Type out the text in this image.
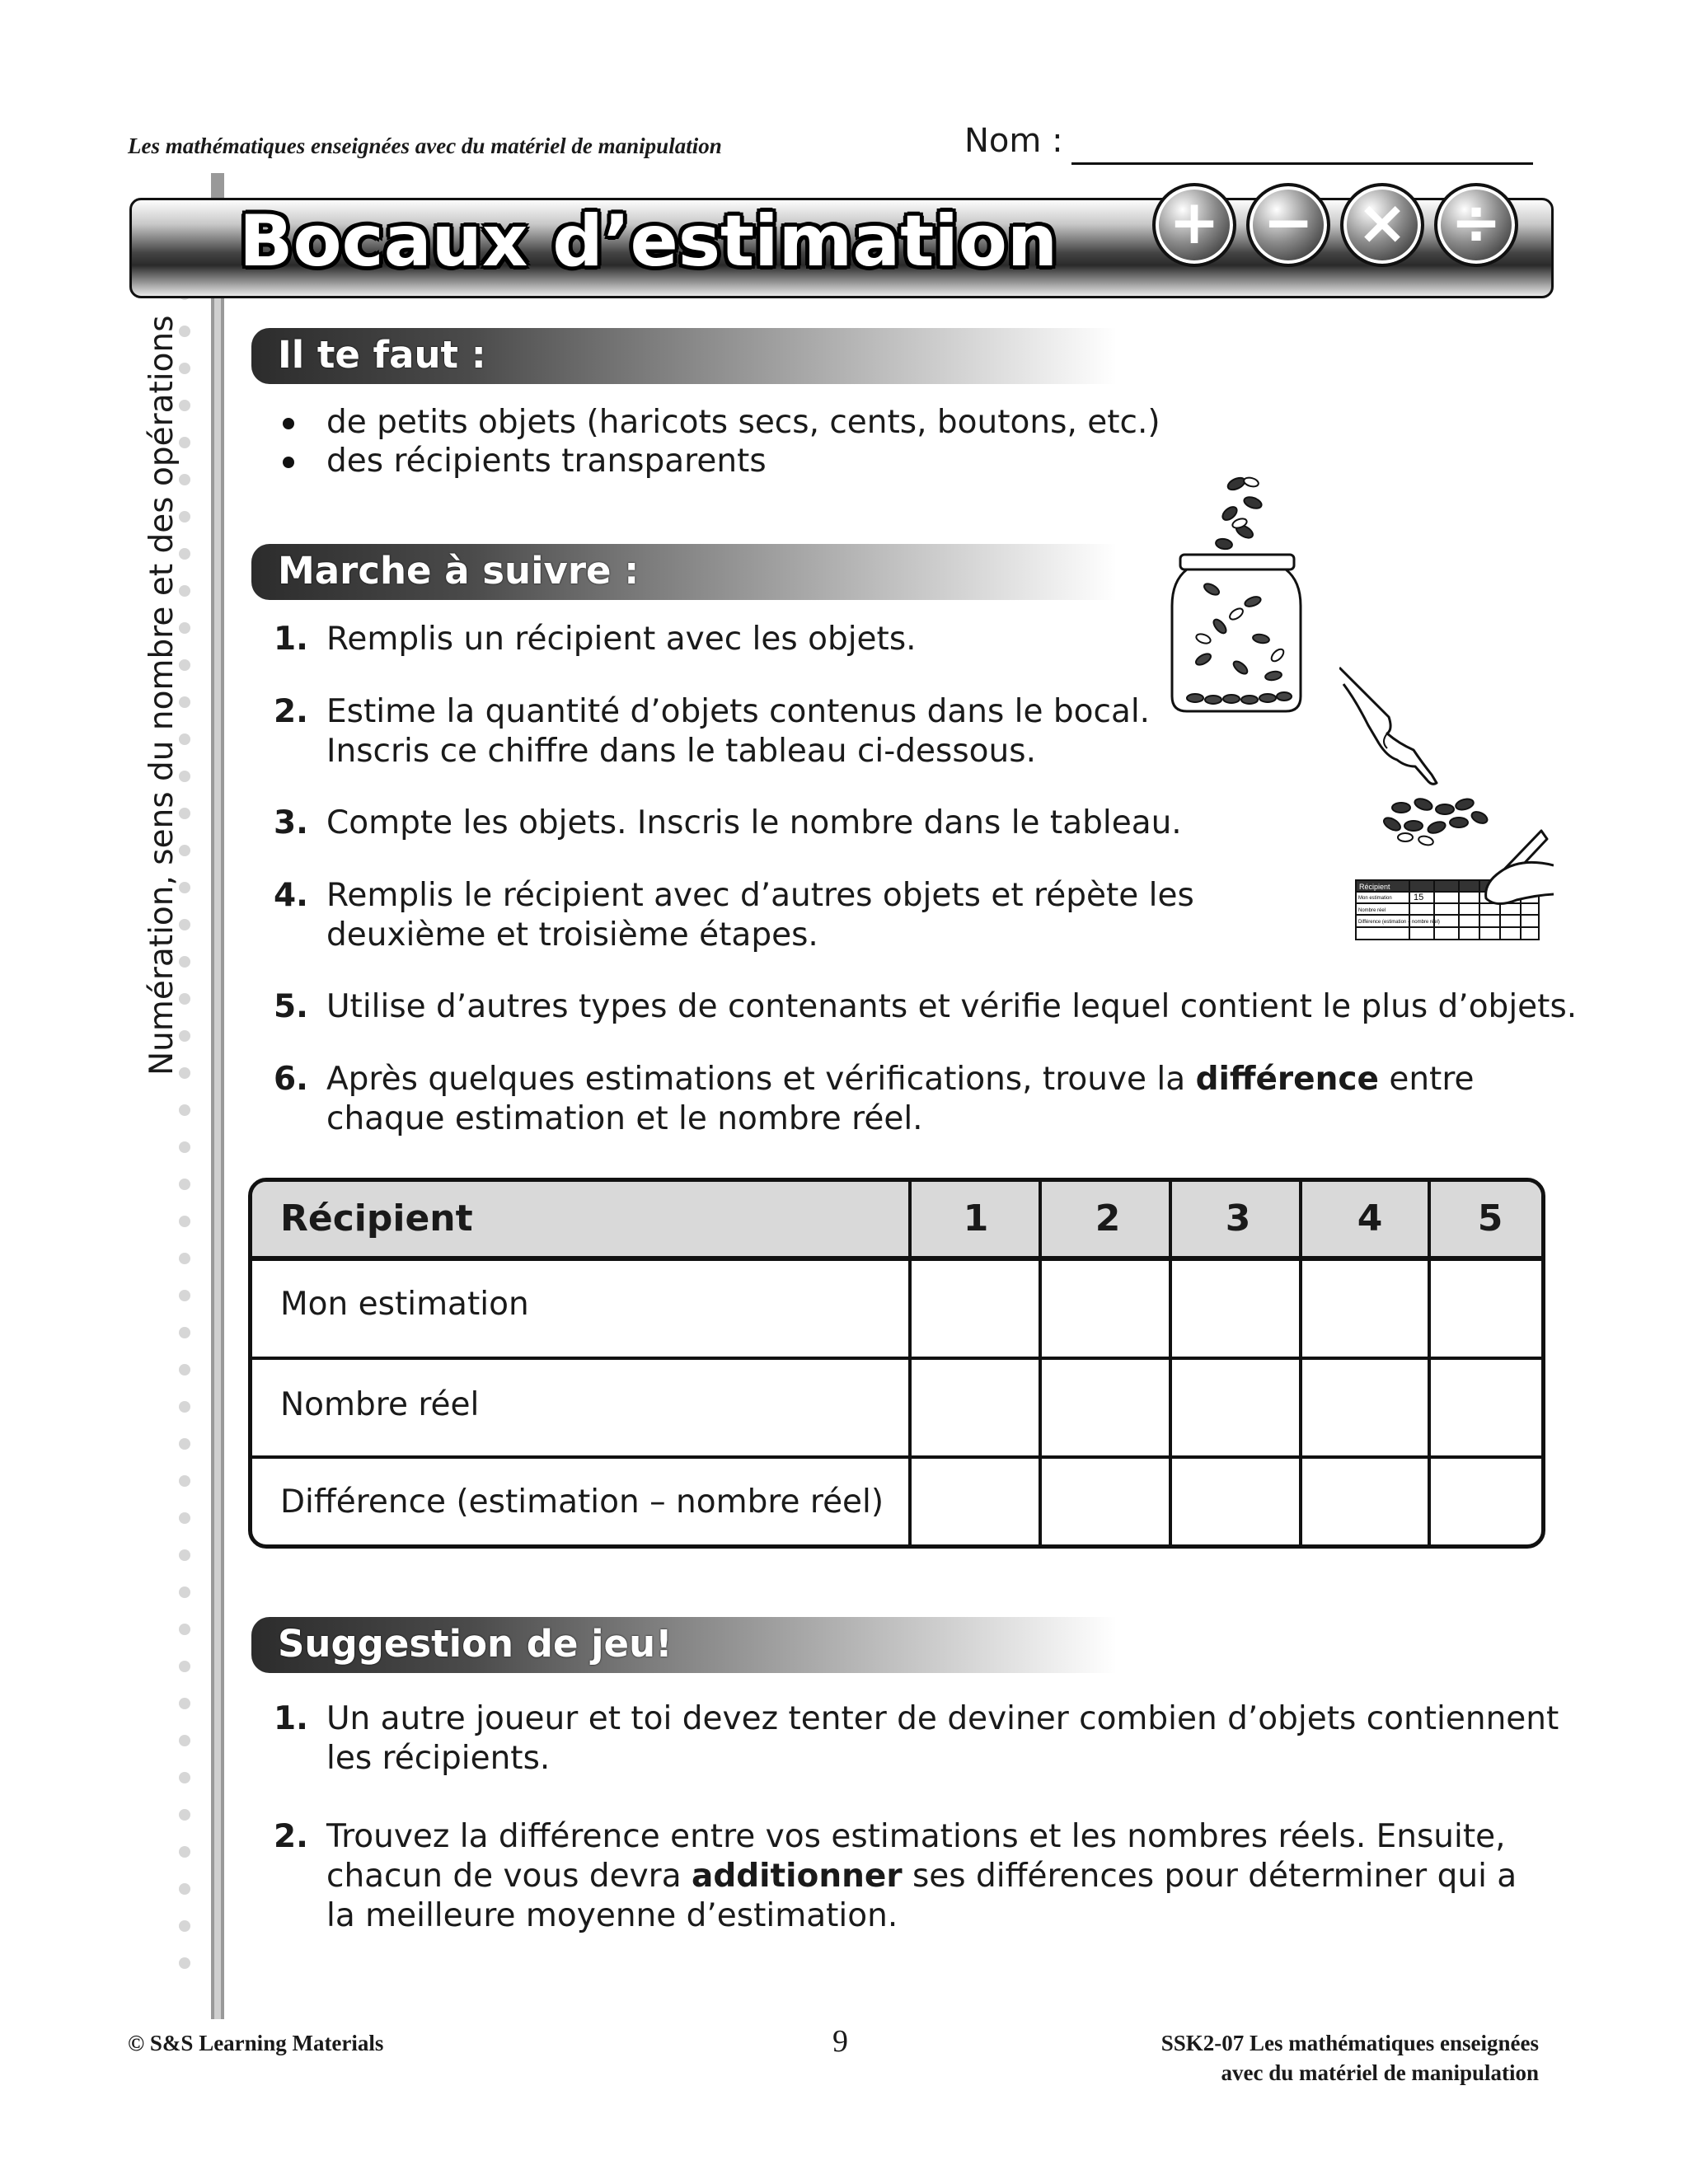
Les mathématiques enseignées avec du matériel de manipulation	Nom :
Numération, sens du nombre et des opérations
Bocaux d’estimation + − × ÷
Il te faut :
de petits objets (haricots secs, cents, boutons, etc.)
des récipients transparents
Marche à suivre :
1. Remplis un récipient avec les objets.
2. Estime la quantité d’objets contenus dans le bocal.
Inscris ce chiffre dans le tableau ci-dessous.
3. Compte les objets. Inscris le nombre dans le tableau.
4. Remplis le récipient avec d’autres objets et répète les
deuxième et troisième étapes.
5. Utilise d’autres types de contenants et vérifie lequel contient le plus d’objets.
6. Après quelques estimations et vérifications, trouve la différence entre
chaque estimation et le nombre réel.
Récipient
15
Mon estimation
Nombre réel
Différence (estimation – nombre réel)
Récipient	1	2	3	4	5
Mon estimation
Nombre réel
Différence (estimation – nombre réel)
Suggestion de jeu!
1. Un autre joueur et toi devez tenter de deviner combien d’objets contiennent
les récipients.
2. Trouvez la différence entre vos estimations et les nombres réels. Ensuite,
chacun de vous devra additionner ses différences pour déterminer qui a
la meilleure moyenne d’estimation.
© S&S Learning Materials	9	SSK2-07 Les mathématiques enseignées
avec du matériel de manipulation
